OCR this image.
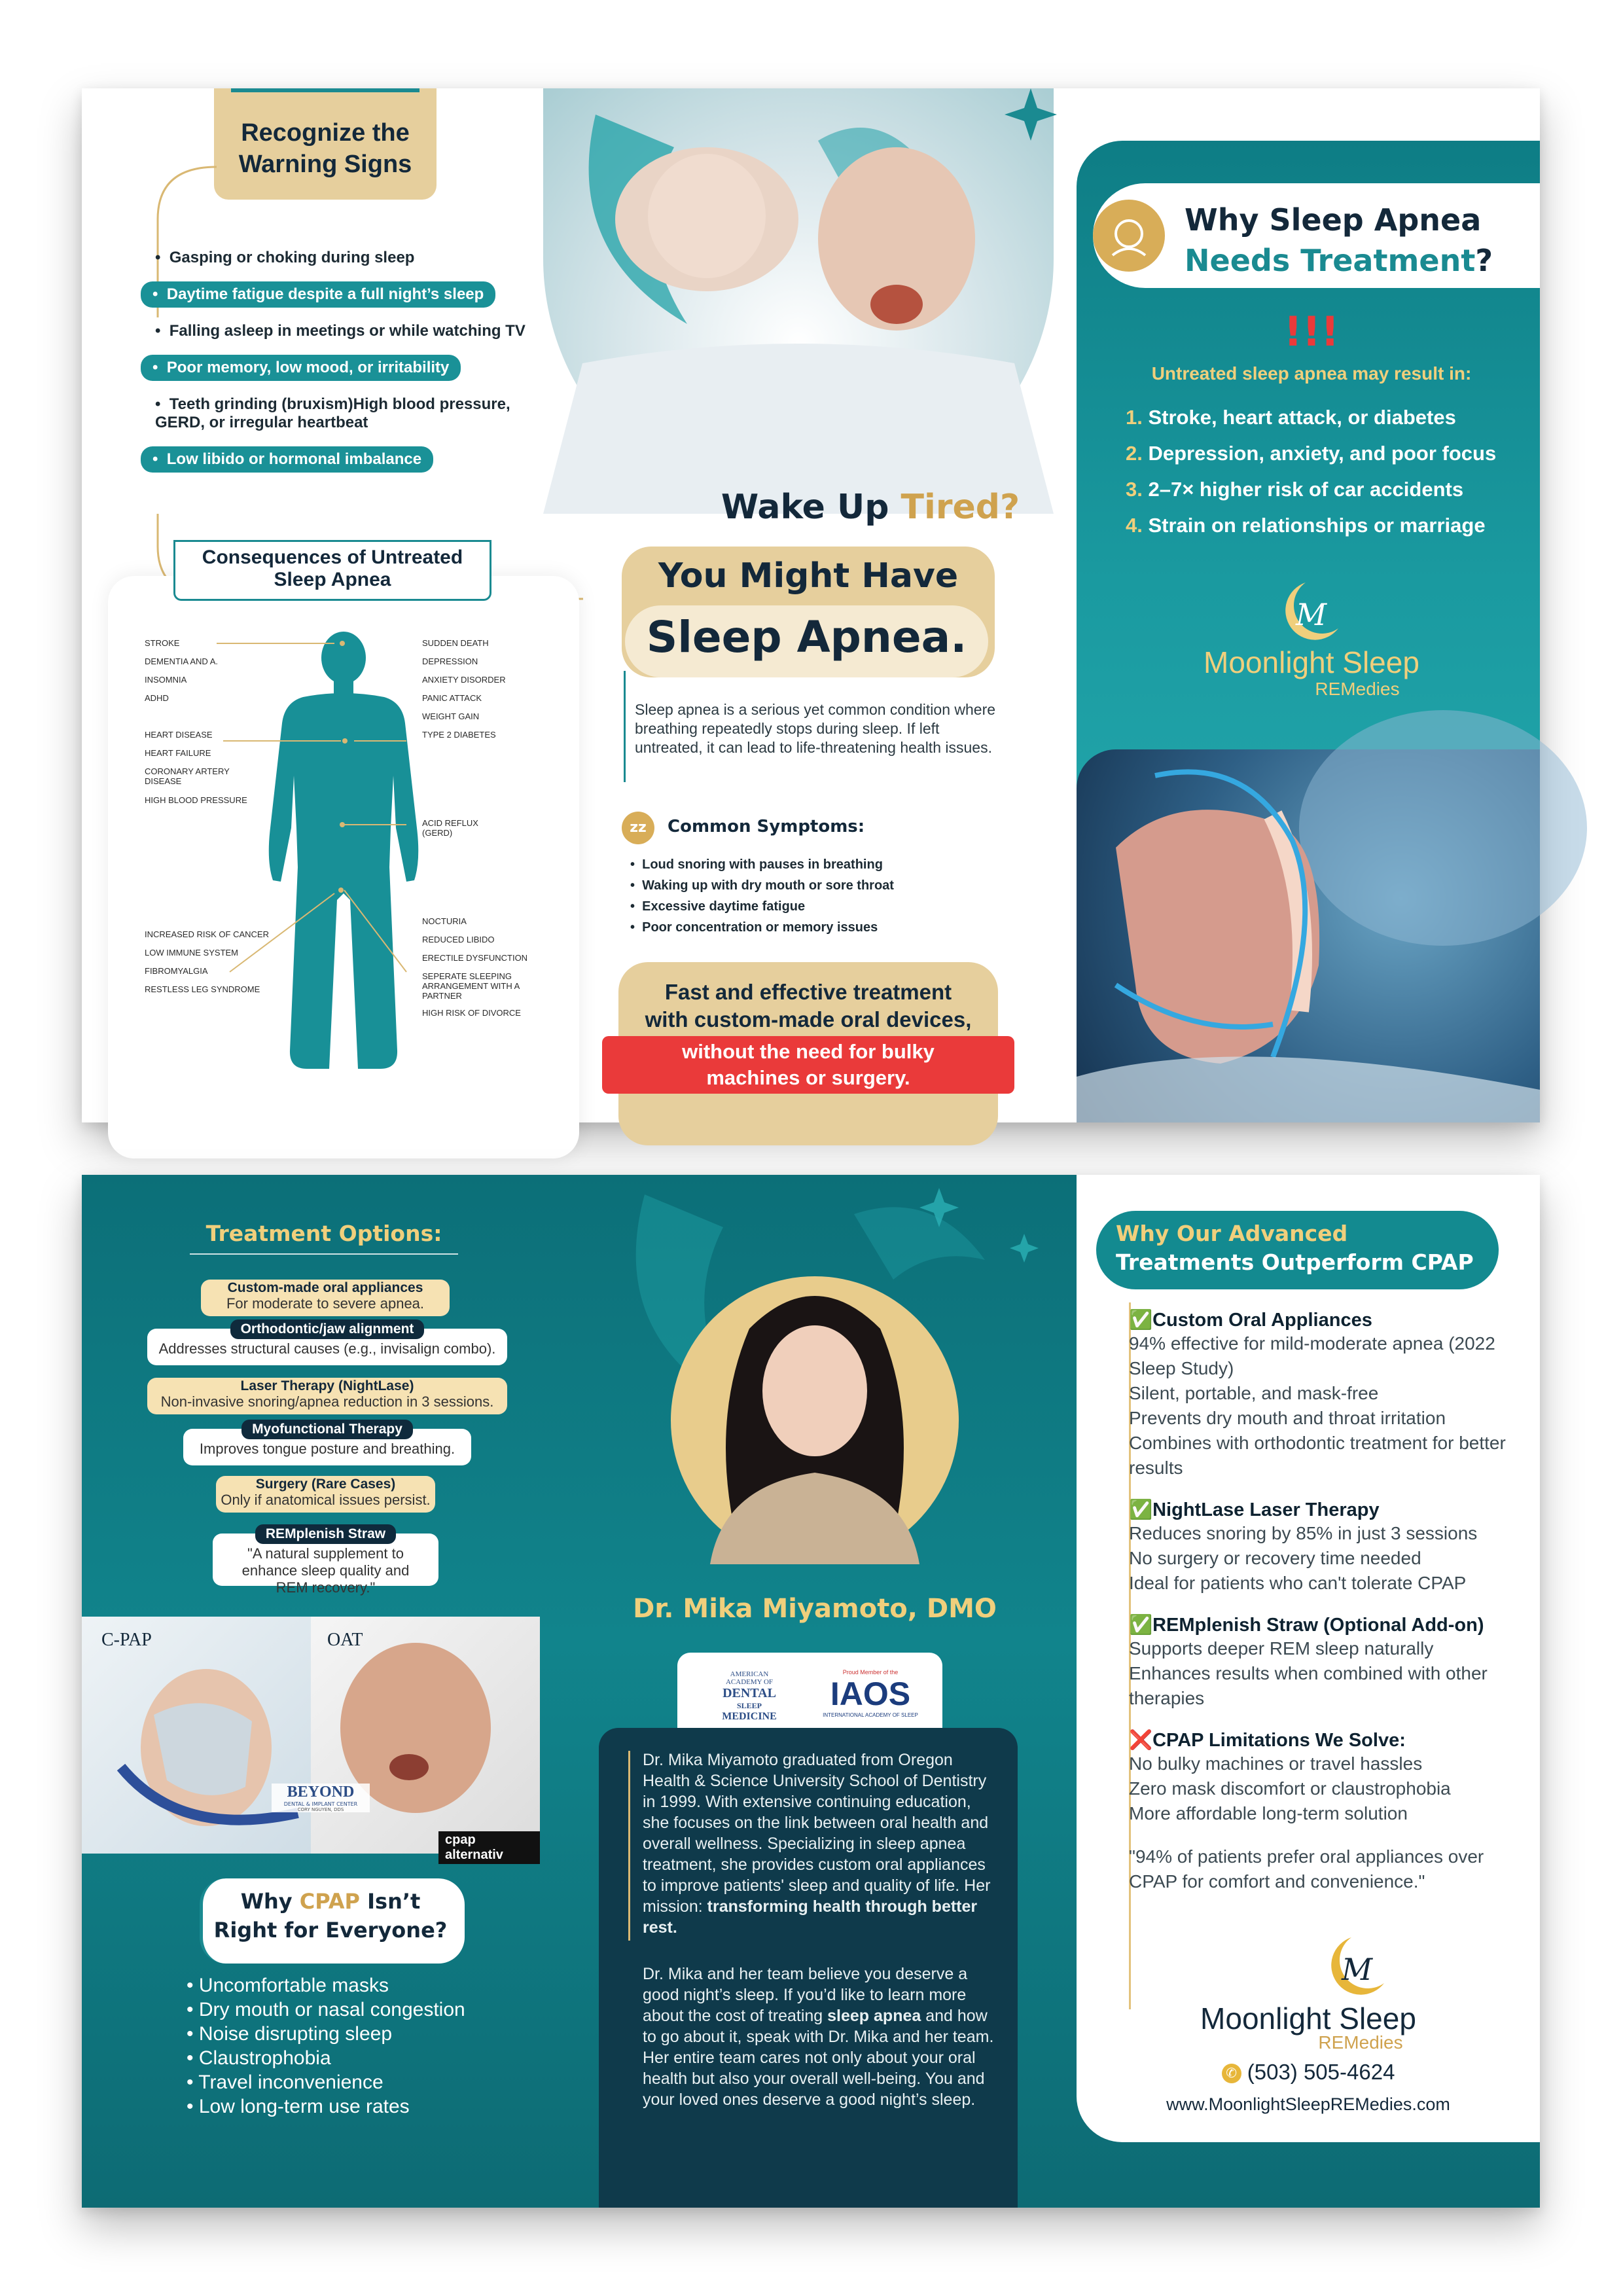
Recognize the
Warning Signs
•  Gasping or choking during sleep
•  Daytime fatigue despite a full night’s sleep
•  Falling asleep in meetings or while watching TV
•  Poor memory, low mood, or irritability
•  Teeth grinding (bruxism)High blood pressure, GERD, or irregular heartbeat
•  Low libido or hormonal imbalance
Consequences of Untreated
Sleep Apnea
STROKE
DEMENTIA AND A.
INSOMNIA
ADHD
HEART DISEASE
HEART FAILURE
CORONARY ARTERY DISEASE
HIGH BLOOD PRESSURE
INCREASED RISK OF CANCER
LOW IMMUNE SYSTEM
FIBROMYALGIA
RESTLESS LEG SYNDROME
SUDDEN DEATH
DEPRESSION
ANXIETY DISORDER
PANIC ATTACK
WEIGHT GAIN
TYPE 2 DIABETES
ACID REFLUX (GERD)
NOCTURIA
REDUCED LIBIDO
ERECTILE DYSFUNCTION
SEPERATE SLEEPING ARRANGEMENT WITH A PARTNER
HIGH RISK OF DIVORCE
Wake Up Tired?
You Might Have
Sleep Apnea.
Sleep apnea is a serious yet common condition where breathing repeatedly stops during sleep. If left untreated, it can lead to life-threatening health issues.
zz	Common Symptoms:
•  Loud snoring with pauses in breathing
•  Waking up with dry mouth or sore throat
•  Excessive daytime fatigue
•  Poor concentration or memory issues
Fast and effective treatment
with custom-made oral devices,
without the need for bulky machines or surgery.
Why Sleep Apnea
Needs Treatment?
!!!
Untreated sleep apnea may result in:
1. Stroke, heart attack, or diabetes
2. Depression, anxiety, and poor focus
3. 2–7× higher risk of car accidents
4. Strain on relationships or marriage
M
Moonlight Sleep
REMedies
Treatment Options:
Custom-made oral appliances
For moderate to severe apnea.
Orthodontic/jaw alignment
Addresses structural causes (e.g., invisalign combo).
Laser Therapy (NightLase)
Non-invasive snoring/apnea reduction in 3 sessions.
Myofunctional Therapy
Improves tongue posture and breathing.
Surgery (Rare Cases)
Only if anatomical issues persist.
REMplenish Straw
"A natural supplement to enhance sleep quality and REM recovery."
C-PAP	OAT
BEYOND
DENTAL & IMPLANT CENTER
CORY NGUYEN, DDS
cpap alternativ
Why CPAP Isn’t
Right for Everyone?
• Uncomfortable masks
• Dry mouth or nasal congestion
• Noise disrupting sleep
• Claustrophobia
• Travel inconvenience
• Low long-term use rates
Dr. Mika Miyamoto, DMO
AMERICAN
ACADEMY OF
DENTAL
SLEEP
MEDICINE
Proud Member of the
IAOS
INTERNATIONAL ACADEMY OF SLEEP
Dr. Mika Miyamoto graduated from Oregon Health & Science University School of Dentistry in 1999. With extensive continuing education, she focuses on the link between oral health and overall wellness. Specializing in sleep apnea treatment, she provides custom oral appliances to improve patients' sleep and quality of life. Her mission: transforming health through better rest.
Dr. Mika and her team believe you deserve a good night’s sleep. If you’d like to learn more about the cost of treating sleep apnea and how to go about it, speak with Dr. Mika and her team. Her entire team cares not only about your oral health but also your overall well-being. You and your loved ones deserve a good night’s sleep.
Why Our Advanced
Treatments Outperform CPAP
✅Custom Oral Appliances
94% effective for mild-moderate apnea (2022 Sleep Study)
Silent, portable, and mask-free
Prevents dry mouth and throat irritation
Combines with orthodontic treatment for better results
✅NightLase Laser Therapy
Reduces snoring by 85% in just 3 sessions
No surgery or recovery time needed
Ideal for patients who can't tolerate CPAP
✅REMplenish Straw (Optional Add-on)
Supports deeper REM sleep naturally
Enhances results when combined with other therapies
❌CPAP Limitations We Solve:
No bulky machines or travel hassles
Zero mask discomfort or claustrophobia
More affordable long-term solution
"94% of patients prefer oral appliances over CPAP for comfort and convenience."
M
Moonlight Sleep
REMedies
✆ (503) 505-4624
www.MoonlightSleepREMedies.com
